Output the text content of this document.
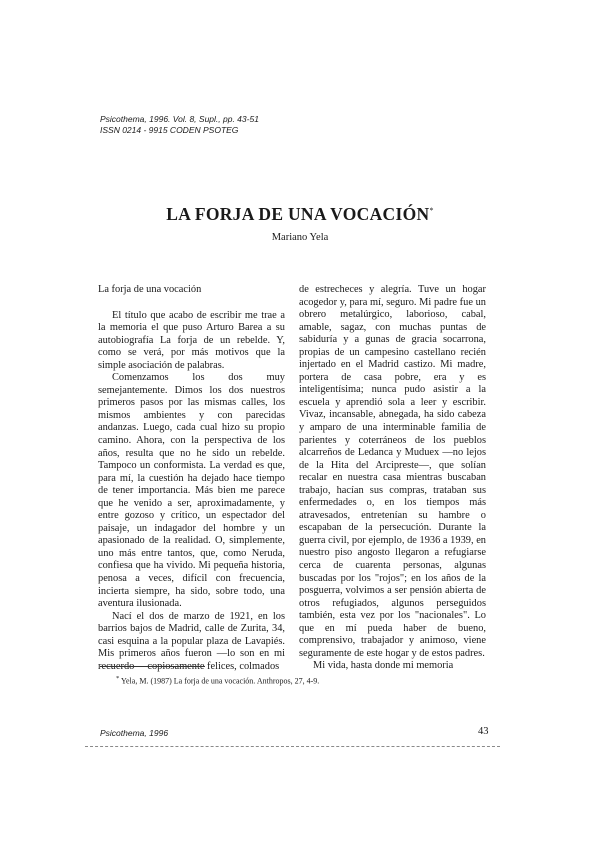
Psicothema, 1996. Vol. 8, Supl., pp. 43-51
ISSN 0214 - 9915 CODEN PSOTEG
LA FORJA DE UNA VOCACIÓN*
Mariano Yela

La forja de una vocación

El título que acabo de escribir me trae a la memoria el que puso Arturo Barea a su autobiografía La forja de un rebelde. Y, como se verá, por más motivos que la simple asociación de palabras.

Comenzamos los dos muy semejantemente. Dimos los dos nuestros primeros pasos por las mismas calles, los mismos ambientes y con parecidas andanzas. Luego, cada cual hizo su propio camino. Ahora, con la perspectiva de los años, resulta que no he sido un rebelde. Tampoco un conformista. La verdad es que, para mí, la cuestión ha dejado hace tiempo de tener importancia. Más bien me parece que he venido a ser, aproximadamente, y entre gozoso y crítico, un espectador del paisaje, un indagador del hombre y un apasionado de la realidad. O, simplemente, uno más entre tantos, que, como Neruda, confiesa que ha vivido. Mi pequeña historia, penosa a veces, difícil con frecuencia, incierta siempre, ha sido, sobre todo, una aventura ilusionada.

Nací el dos de marzo de 1921, en los barrios bajos de Madrid, calle de Zurita, 34, casi esquina a la popular plaza de Lavapiés. Mis primeros años fueron —lo son en mi recuerdo— copiosamente felices, colmados

de estrecheces y alegría. Tuve un hogar acogedor y, para mí, seguro. Mi padre fue un obrero metalúrgico, laborioso, cabal, amable, sagaz, con muchas puntas de sabiduría y a gunas de gracia socarrona, propias de un campesino castellano recién injertado en el Madrid castizo. Mi madre, portera de casa pobre, era y es inteligentísima; nunca pudo asistir a la escuela y aprendió sola a leer y escribir. Vivaz, incansable, abnegada, ha sido cabeza y amparo de una interminable familia de parientes y coterráneos de los pueblos alcarreños de Ledanca y Muduex —no lejos de la Hita del Arcipreste—, que solían recalar en nuestra casa mientras buscaban trabajo, hacían sus compras, trataban sus enfermedades o, en los tiempos más atravesados, entretenían su hambre o escapaban de la persecución. Durante la guerra civil, por ejemplo, de 1936 a 1939, en nuestro piso angosto llegaron a refugiarse cerca de cuarenta personas, algunas buscadas por los "rojos"; en los años de la posguerra, volvimos a ser pensión abierta de otros refugiados, algunos perseguidos también, esta vez por los "nacionales". Lo que en mí pueda haber de bueno, comprensivo, trabajador y animoso, viene seguramente de este hogar y de estos padres.

Mi vida, hasta donde mi memoria

* Yela, M. (1987) La forja de una vocación. Anthropos, 27, 4-9.
Psicothema, 1996	43
